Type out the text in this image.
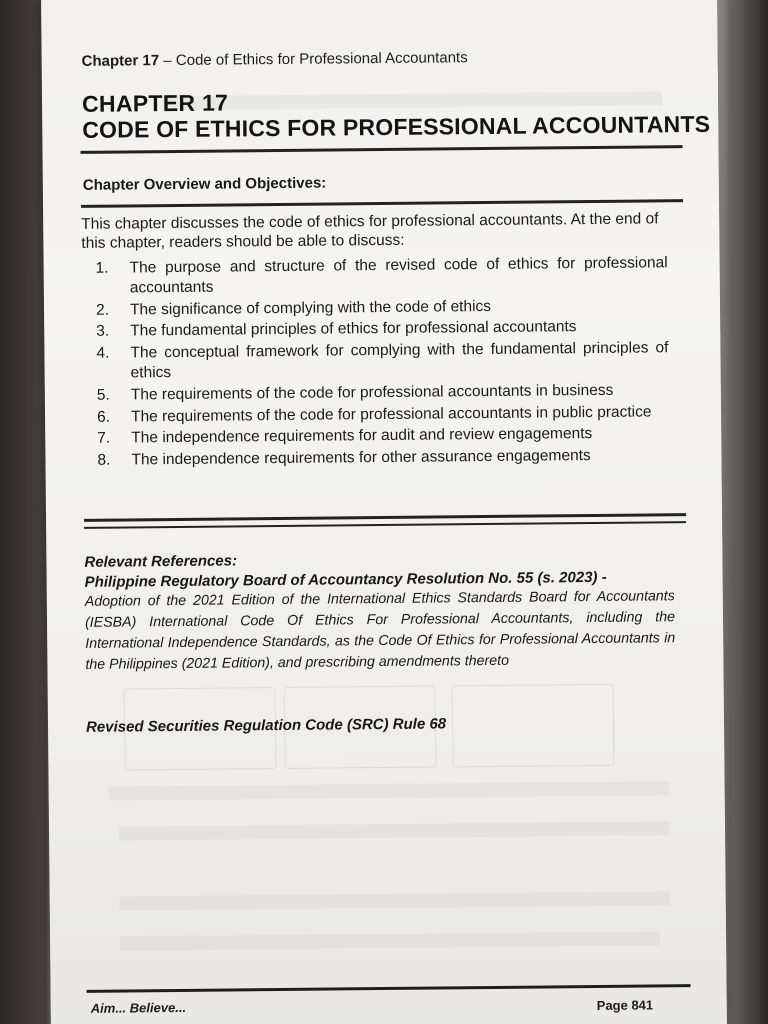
Chapter 17 – Code of Ethics for Professional Accountants
CHAPTER 17
CODE OF ETHICS FOR PROFESSIONAL ACCOUNTANTS
Chapter Overview and Objectives:
This chapter discusses the code of ethics for professional accountants. At the end of this chapter, readers should be able to discuss:
1.	The purpose and structure of the revised code of ethics for professional accountants
2.	The significance of complying with the code of ethics
3.	The fundamental principles of ethics for professional accountants
4.	The conceptual framework for complying with the fundamental principles of ethics
5.	The requirements of the code for professional accountants in business
6.	The requirements of the code for professional accountants in public practice
7.	The independence requirements for audit and review engagements
8.	The independence requirements for other assurance engagements
Relevant References:
Philippine Regulatory Board of Accountancy Resolution No. 55 (s. 2023) -
Adoption of the 2021 Edition of the International Ethics Standards Board for Accountants (IESBA) International Code Of Ethics For Professional Accountants, including the International Independence Standards, as the Code Of Ethics for Professional Accountants in the Philippines (2021 Edition), and prescribing amendments thereto
Revised Securities Regulation Code (SRC) Rule 68
Aim... Believe...	Page 841
